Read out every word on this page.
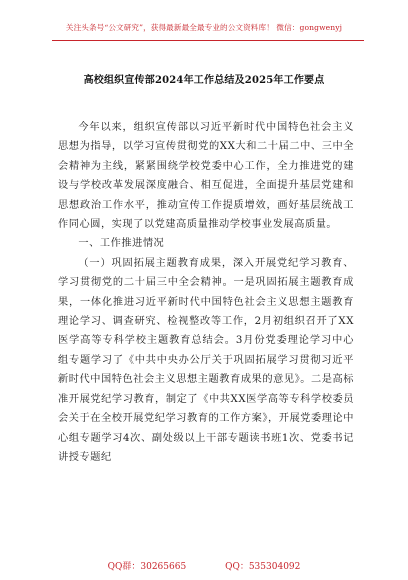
关注头条号“公文研究”，获得最新最全最专业的公文资料库！ 微信：gongwenyj
高校组织宣传部2024年工作总结及2025年工作要点

今年以来，组织宣传部以习近平新时代中国特色社会主义思想为指导，以学习宣传贯彻党的XX大和二十届二中、三中全会精神为主线，紧紧围绕学校党委中心工作，全力推进党的建设与学校改革发展深度融合、相互促进，全面提升基层党建和思想政治工作水平，推动宣传工作提质增效，画好基层统战工作同心圆，实现了以党建高质量推动学校事业发展高质量。

一、工作推进情况

（一）巩固拓展主题教育成果，深入开展党纪学习教育、学习贯彻党的二十届三中全会精神。一是巩固拓展主题教育成果，一体化推进习近平新时代中国特色社会主义思想主题教育理论学习、调查研究、检视整改等工作，2月初组织召开了XX医学高等专科学校主题教育总结会。3月份党委理论学习中心组专题学习了《中共中央办公厅关于巩固拓展学习贯彻习近平新时代中国特色社会主义思想主题教育成果的意见》。二是高标准开展党纪学习教育，制定了《中共XX医学高等专科学校委员会关于在全校开展党纪学习教育的工作方案》，开展党委理论中心组专题学习4次、副处级以上干部专题读书班1次、党委书记讲授专题纪

QQ群：30265665	QQ：535304092
